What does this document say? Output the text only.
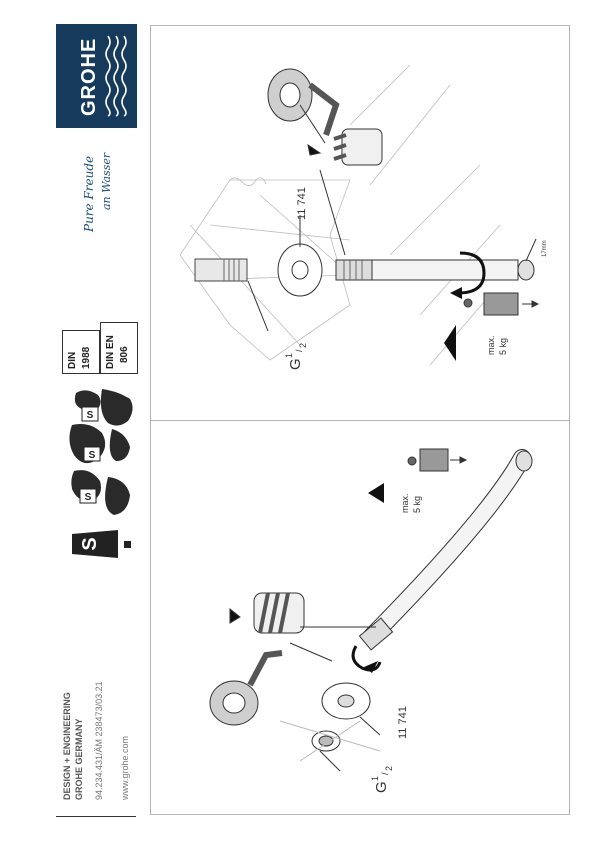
GROHE
Pure Freude an Wasser
DIN 1988 DIN EN 806
S
S
S
S
DESIGN + ENGINEERING GROHE GERMANY 94.234.431/ÄM 238473/03.21 www.grohe.com
11 741
17mm
max. 5 kg
G
1
/
2
max. 5 kg
11 741
G
1
/
2
